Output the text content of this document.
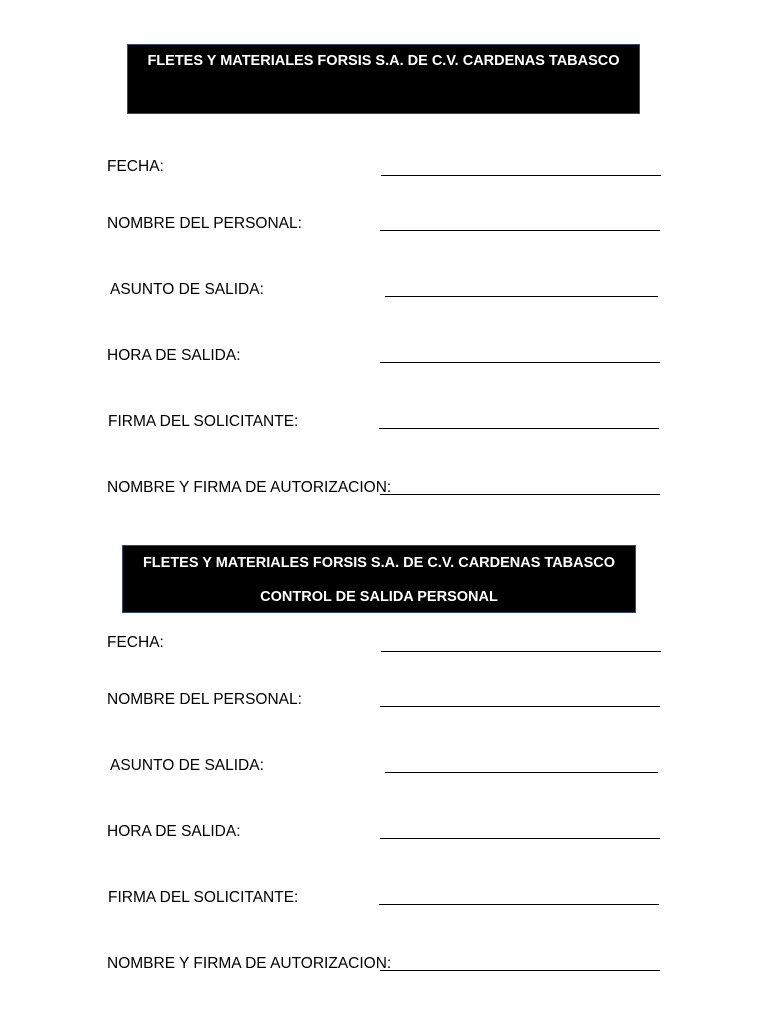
FLETES Y MATERIALES FORSIS S.A. DE C.V. CARDENAS TABASCO
FECHA:
NOMBRE DEL PERSONAL:
ASUNTO DE SALIDA:
HORA DE SALIDA:
FIRMA DEL SOLICITANTE:
NOMBRE Y FIRMA DE AUTORIZACION:
FLETES Y MATERIALES FORSIS S.A. DE C.V. CARDENAS TABASCO
CONTROL DE SALIDA PERSONAL
FECHA:
NOMBRE DEL PERSONAL:
ASUNTO DE SALIDA:
HORA DE SALIDA:
FIRMA DEL SOLICITANTE:
NOMBRE Y FIRMA DE AUTORIZACION:
